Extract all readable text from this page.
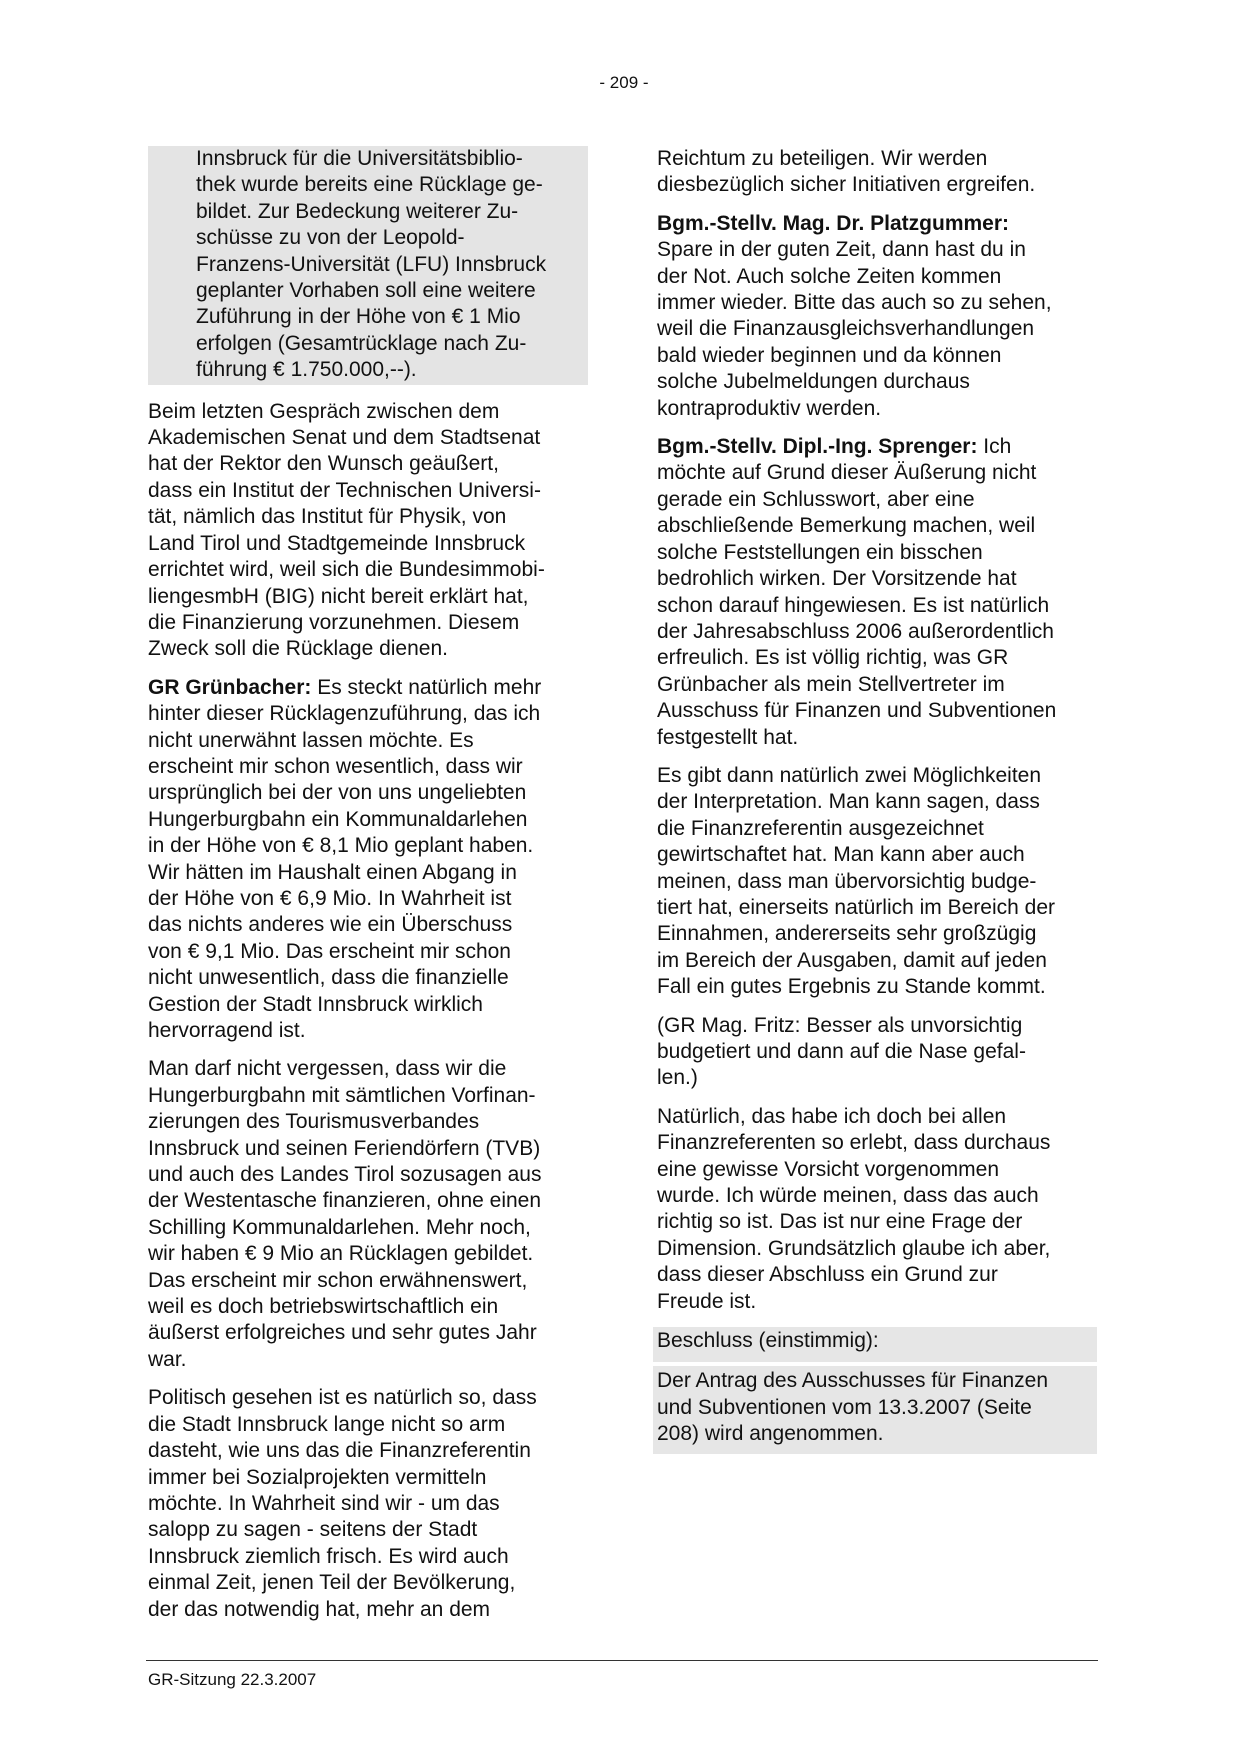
- 209 -
Innsbruck für die Universitätsbiblio-
thek wurde bereits eine Rücklage ge-
bildet. Zur Bedeckung weiterer Zu-
schüsse zu von der Leopold-
Franzens-Universität (LFU) Innsbruck
geplanter Vorhaben soll eine weitere
Zuführung in der Höhe von € 1 Mio
erfolgen (Gesamtrücklage nach Zu-
führung € 1.750.000,--).

Beim letzten Gespräch zwischen dem
Akademischen Senat und dem Stadtsenat
hat der Rektor den Wunsch geäußert,
dass ein Institut der Technischen Universi-
tät, nämlich das Institut für Physik, von
Land Tirol und Stadtgemeinde Innsbruck
errichtet wird, weil sich die Bundesimmobi-
liengesmbH (BIG) nicht bereit erklärt hat,
die Finanzierung vorzunehmen. Diesem
Zweck soll die Rücklage dienen.

GR Grünbacher: Es steckt natürlich mehr
hinter dieser Rücklagenzuführung, das ich
nicht unerwähnt lassen möchte. Es
erscheint mir schon wesentlich, dass wir
ursprünglich bei der von uns ungeliebten
Hungerburgbahn ein Kommunaldarlehen
in der Höhe von € 8,1 Mio geplant haben.
Wir hätten im Haushalt einen Abgang in
der Höhe von € 6,9 Mio. In Wahrheit ist
das nichts anderes wie ein Überschuss
von € 9,1 Mio. Das erscheint mir schon
nicht unwesentlich, dass die finanzielle
Gestion der Stadt Innsbruck wirklich
hervorragend ist.

Man darf nicht vergessen, dass wir die
Hungerburgbahn mit sämtlichen Vorfinan-
zierungen des Tourismusverbandes
Innsbruck und seinen Feriendörfern (TVB)
und auch des Landes Tirol sozusagen aus
der Westentasche finanzieren, ohne einen
Schilling Kommunaldarlehen. Mehr noch,
wir haben € 9 Mio an Rücklagen gebildet.
Das erscheint mir schon erwähnenswert,
weil es doch betriebswirtschaftlich ein
äußerst erfolgreiches und sehr gutes Jahr
war.

Politisch gesehen ist es natürlich so, dass
die Stadt Innsbruck lange nicht so arm
dasteht, wie uns das die Finanzreferentin
immer bei Sozialprojekten vermitteln
möchte. In Wahrheit sind wir - um das
salopp zu sagen - seitens der Stadt
Innsbruck ziemlich frisch. Es wird auch
einmal Zeit, jenen Teil der Bevölkerung,
der das notwendig hat, mehr an dem

Reichtum zu beteiligen. Wir werden
diesbezüglich sicher Initiativen ergreifen.

Bgm.-Stellv. Mag. Dr. Platzgummer:
Spare in der guten Zeit, dann hast du in
der Not. Auch solche Zeiten kommen
immer wieder. Bitte das auch so zu sehen,
weil die Finanzausgleichsverhandlungen
bald wieder beginnen und da können
solche Jubelmeldungen durchaus
kontraproduktiv werden.

Bgm.-Stellv. Dipl.-Ing. Sprenger: Ich
möchte auf Grund dieser Äußerung nicht
gerade ein Schlusswort, aber eine
abschließende Bemerkung machen, weil
solche Feststellungen ein bisschen
bedrohlich wirken. Der Vorsitzende hat
schon darauf hingewiesen. Es ist natürlich
der Jahresabschluss 2006 außerordentlich
erfreulich. Es ist völlig richtig, was GR
Grünbacher als mein Stellvertreter im
Ausschuss für Finanzen und Subventionen
festgestellt hat.

Es gibt dann natürlich zwei Möglichkeiten
der Interpretation. Man kann sagen, dass
die Finanzreferentin ausgezeichnet
gewirtschaftet hat. Man kann aber auch
meinen, dass man übervorsichtig budge-
tiert hat, einerseits natürlich im Bereich der
Einnahmen, andererseits sehr großzügig
im Bereich der Ausgaben, damit auf jeden
Fall ein gutes Ergebnis zu Stande kommt.

(GR Mag. Fritz: Besser als unvorsichtig
budgetiert und dann auf die Nase gefal-
len.)

Natürlich, das habe ich doch bei allen
Finanzreferenten so erlebt, dass durchaus
eine gewisse Vorsicht vorgenommen
wurde. Ich würde meinen, dass das auch
richtig so ist. Das ist nur eine Frage der
Dimension. Grundsätzlich glaube ich aber,
dass dieser Abschluss ein Grund zur
Freude ist.

Beschluss (einstimmig):
Der Antrag des Ausschusses für Finanzen
und Subventionen vom 13.3.2007 (Seite
208) wird angenommen.
GR-Sitzung 22.3.2007
